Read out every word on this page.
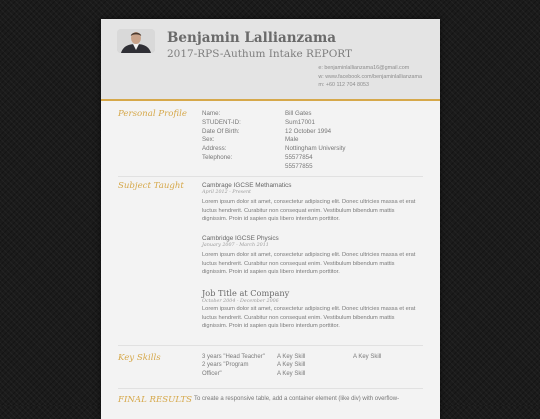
Benjamin Lallianzama
2017-RPS-Authum Intake REPORT
e: benjaminlallianzama16@gmail.com
w: www.facebook.com/benjaminlallianzama
m: +60 112 704 8053
Personal Profile Name:
STUDENT-ID:
Date Of Birth:
Sex:
Address:
Telephone:
Bill Gates
Sum17001
12 October 1994
Male
Nottingham University
55577854
55577855
Subject Taught	Cambrage IGCSE Methamatics
April 2012 - Present
Lorem ipsum dolor sit amet, consectetur adipiscing elit. Donec ultricies massa et erat luctus hendrerit. Curabitur non consequat enim. Vestibulum bibendum mattis dignissim. Proin id sapien quis libero interdum porttitor.
Cambridge IGCSE Physics
January 2007 - March 2011
Lorem ipsum dolor sit amet, consectetur adipiscing elit. Donec ultricies massa et erat luctus hendrerit. Curabitur non consequat enim. Vestibulum bibendum mattis dignissim. Proin id sapien quis libero interdum porttitor.
Job Title at Company
October 2004 - December 2006
Lorem ipsum dolor sit amet, consectetur adipiscing elit. Donec ultricies massa et erat luctus hendrerit. Curabitur non consequat enim. Vestibulum bibendum mattis dignissim. Proin id sapien quis libero interdum porttitor.
Key Skills	3 years "Head Teacher"
2 years "Program
Officer"
A Key Skill
A Key Skill
A Key Skill
A Key Skill
FINAL RESULTS To create a responsive table, add a container element (like div) with overflow-
